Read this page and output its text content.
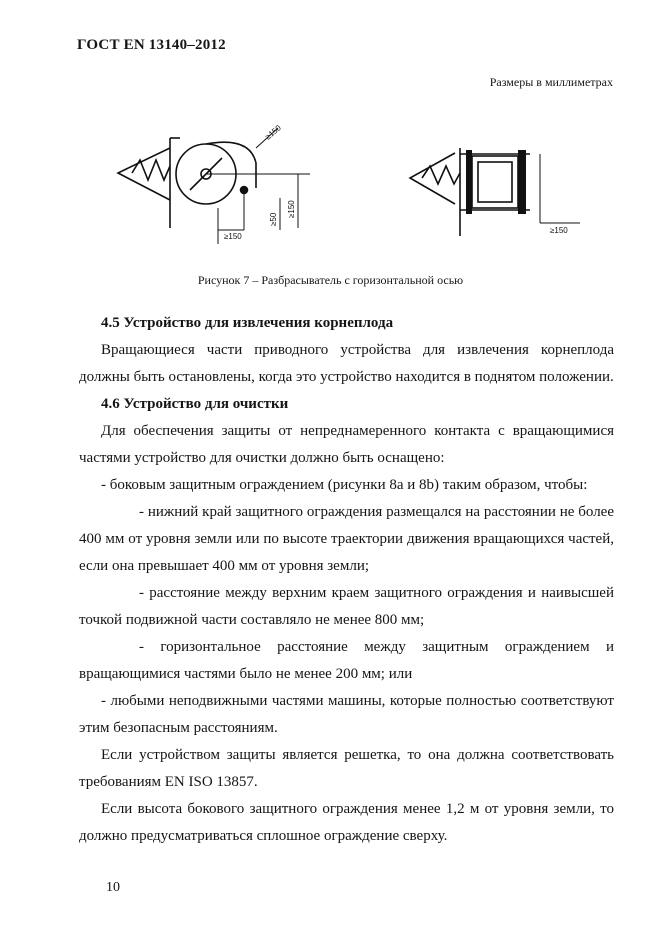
ГОСТ EN 13140–2012
Размеры в миллиметрах
≥150
≥150
≥50
≥150
≥150
Рисунок 7 – Разбрасыватель с горизонтальной осью

4.5 Устройство для извлечения корнеплода

Вращающиеся части приводного устройства для извлечения корнеплода должны быть остановлены, когда это устройство находится в поднятом положении.

4.6 Устройство для очистки

Для обеспечения защиты от непреднамеренного контакта с вращающимися частями устройство для очистки должно быть оснащено:

- боковым защитным ограждением (рисунки 8а и 8b) таким образом, чтобы:

- нижний край защитного ограждения размещался на расстоянии не более 400 мм от уровня земли или по высоте траектории движения вращающихся частей, если она превышает 400 мм от уровня земли;

- расстояние между верхним краем защитного ограждения и наивысшей точкой подвижной части составляло не менее 800 мм;

- горизонтальное расстояние между защитным ограждением и вращающимися частями было не менее 200 мм; или

- любыми неподвижными частями машины, которые полностью соответствуют этим безопасным расстояниям.

Если устройством защиты является решетка, то она должна соответствовать требованиям EN ISO 13857.

Если высота бокового защитного ограждения менее 1,2 м от уровня земли, то должно предусматриваться сплошное ограждение сверху.

10
